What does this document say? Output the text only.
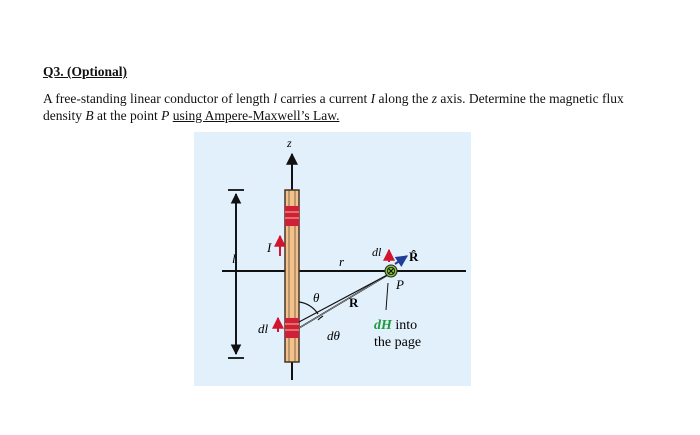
Q3. (Optional)
A free-standing linear conductor of length l carries a current I along the z axis. Determine the magnetic flux density B at the point P using Ampere-Maxwell’s Law.
z
l
I
dl
θ
dθ
R
r
P
dl R̂
dH into
the page
